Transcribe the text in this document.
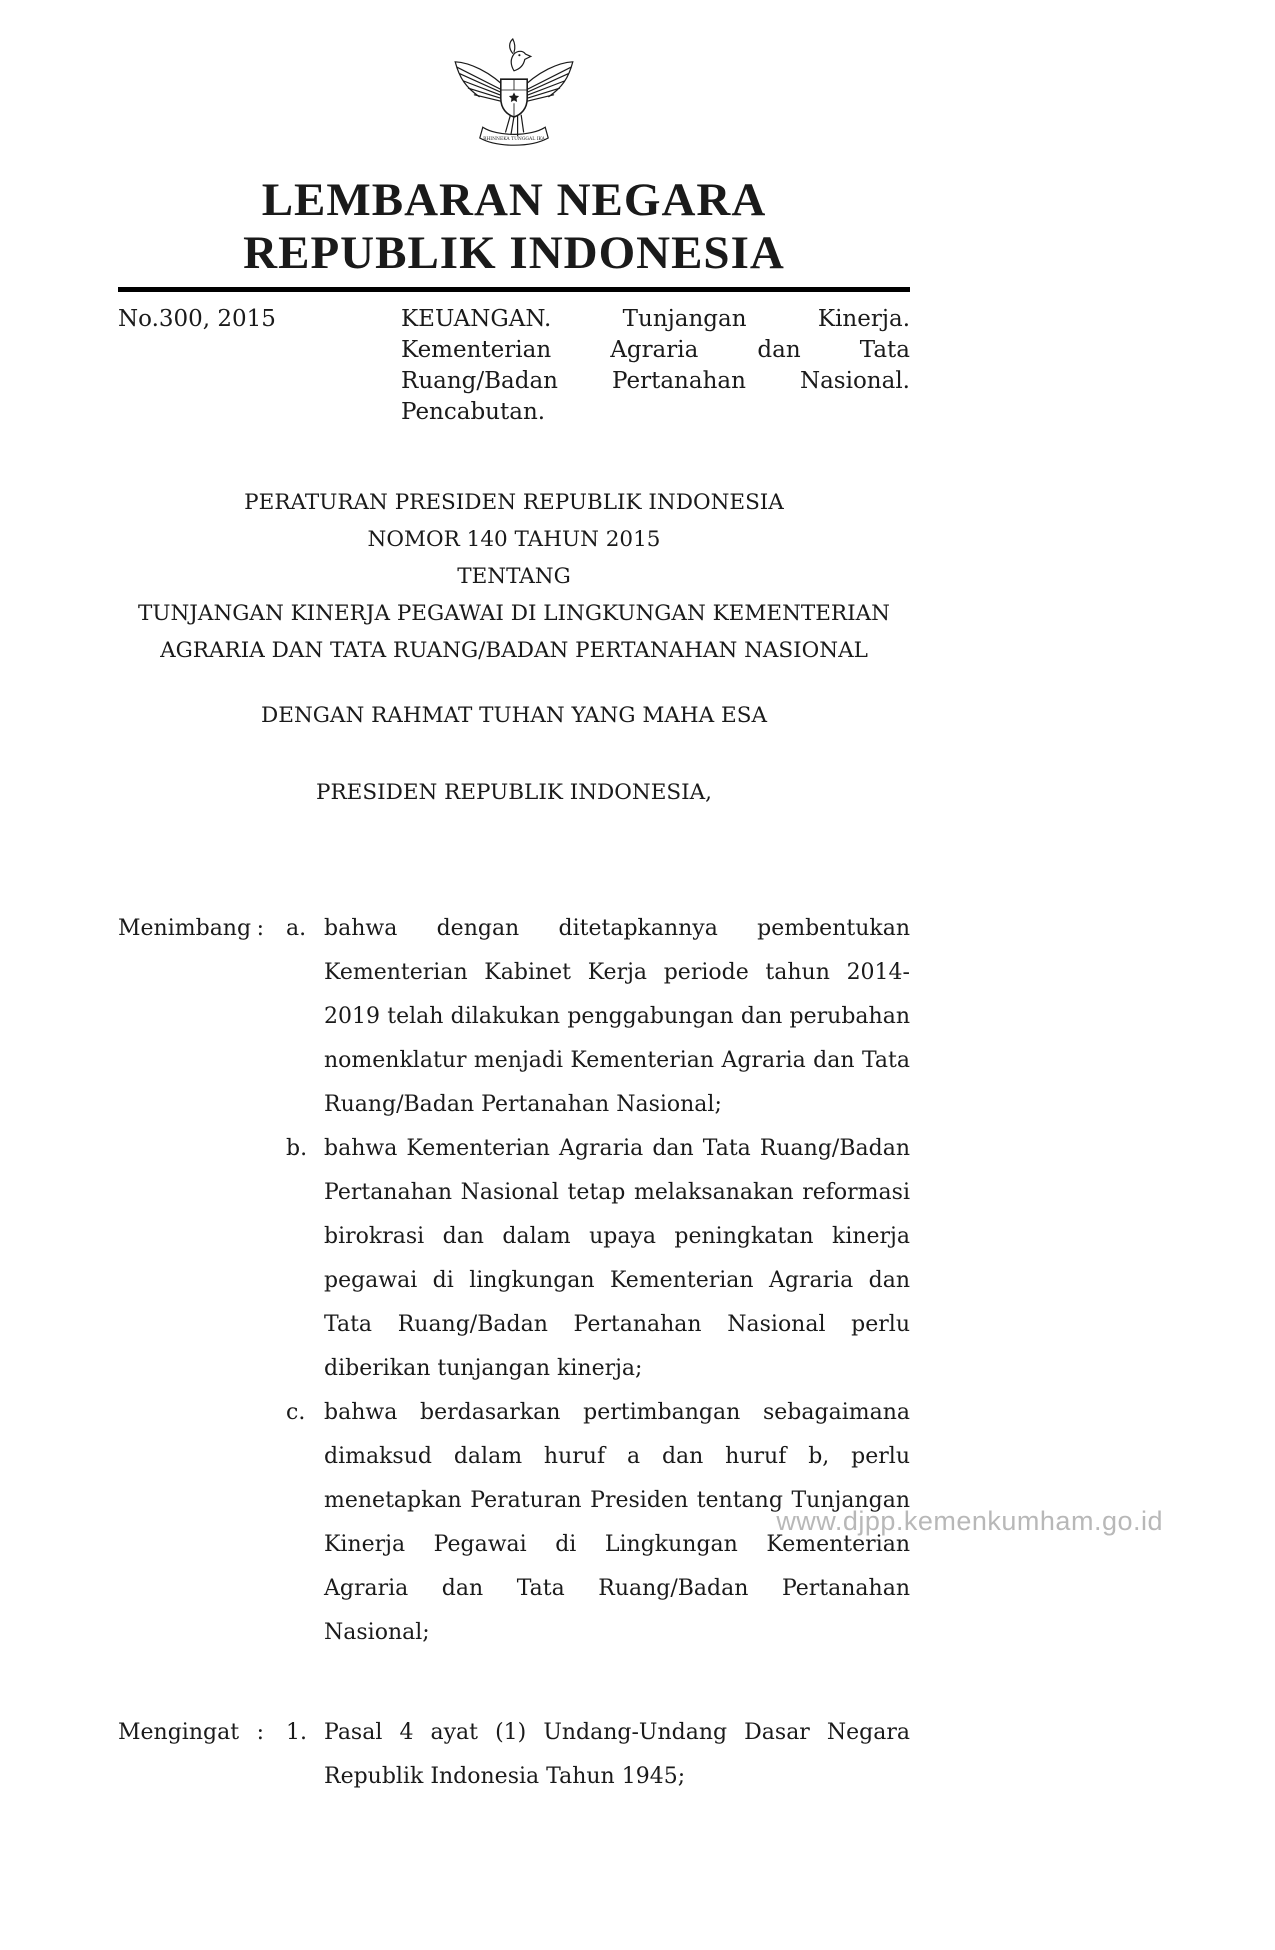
BHINNEKA TUNGGAL IKA
LEMBARAN NEGARA
REPUBLIK INDONESIA
No.300, 2015	KEUANGAN. Tunjangan Kinerja. Kementerian Agraria dan Tata Ruang/Badan Pertanahan Nasional. Pencabutan.

PERATURAN PRESIDEN REPUBLIK INDONESIA

NOMOR 140 TAHUN 2015

TENTANG

TUNJANGAN KINERJA PEGAWAI DI LINGKUNGAN KEMENTERIAN AGRARIA DAN TATA RUANG/BADAN PERTANAHAN NASIONAL

DENGAN RAHMAT TUHAN YANG MAHA ESA

PRESIDEN REPUBLIK INDONESIA,

Menimbang : a. bahwa dengan ditetapkannya pembentukan Kementerian Kabinet Kerja periode tahun 2014-2019 telah dilakukan penggabungan dan perubahan nomenklatur menjadi Kementerian Agraria dan Tata Ruang/Badan Pertanahan Nasional;
b. bahwa Kementerian Agraria dan Tata Ruang/Badan Pertanahan Nasional tetap melaksanakan reformasi birokrasi dan dalam upaya peningkatan kinerja pegawai di lingkungan Kementerian Agraria dan Tata Ruang/Badan Pertanahan Nasional perlu diberikan tunjangan kinerja;
c. bahwa berdasarkan pertimbangan sebagaimana dimaksud dalam huruf a dan huruf b, perlu menetapkan Peraturan Presiden tentang Tunjangan Kinerja Pegawai di Lingkungan Kementerian Agraria dan Tata Ruang/Badan Pertanahan Nasional;
Mengingat : 1. Pasal 4 ayat (1) Undang-Undang Dasar Negara Republik Indonesia Tahun 1945;
www.djpp.kemenkumham.go.id
